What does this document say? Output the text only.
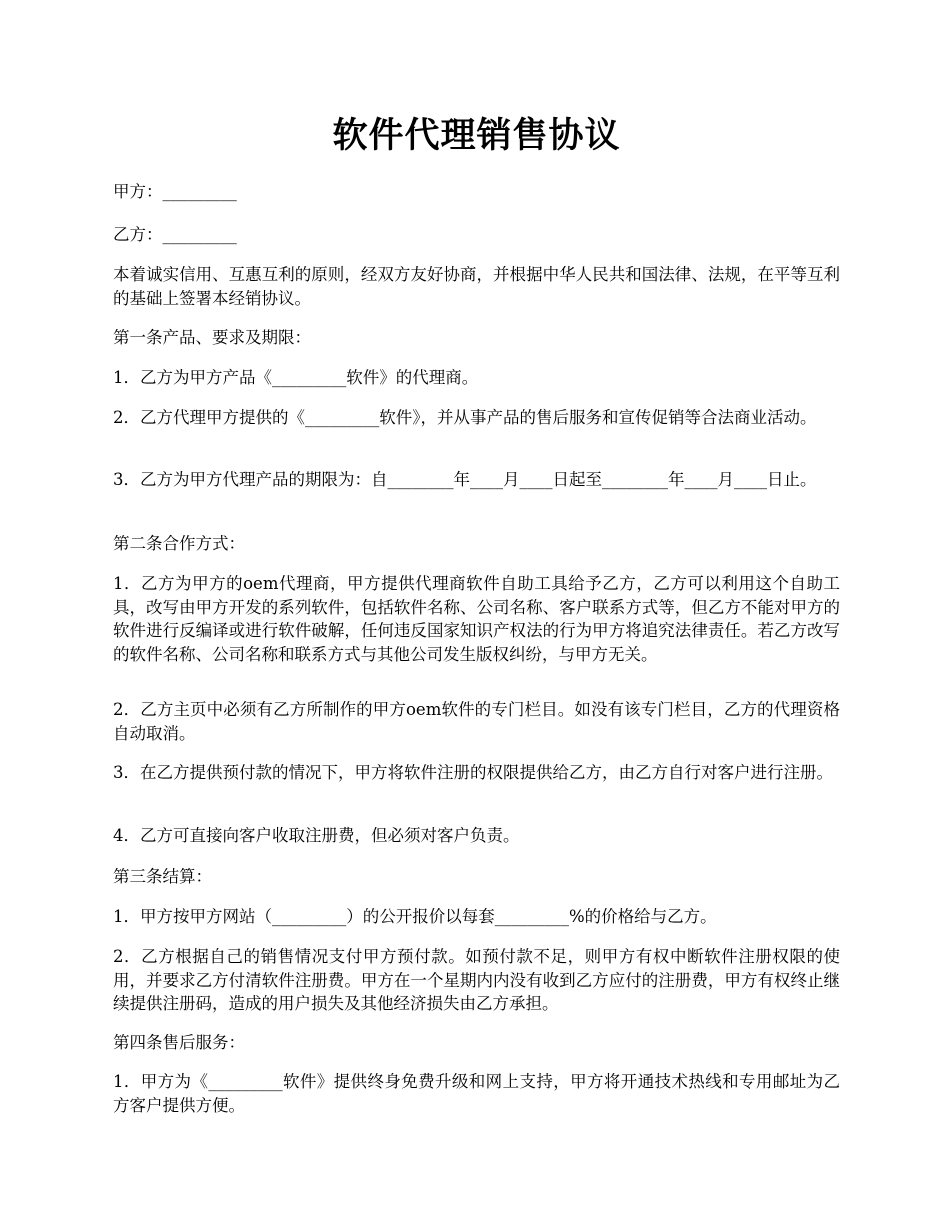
软件代理销售协议

甲方：_________

乙方：_________

本着诚实信用、互惠互利的原则，经双方友好协商，并根据中华人民共和国法律、法规，在平等互利的基础上签署本经销协议。

第一条产品、要求及期限：

1．乙方为甲方产品《_________软件》的代理商。

2．乙方代理甲方提供的《_________软件》，并从事产品的售后服务和宣传促销等合法商业活动。

3．乙方为甲方代理产品的期限为：自________年____月____日起至________年____月____日止。

第二条合作方式：

1．乙方为甲方的oem代理商，甲方提供代理商软件自助工具给予乙方，乙方可以利用这个自助工具，改写由甲方开发的系列软件，包括软件名称、公司名称、客户联系方式等，但乙方不能对甲方的软件进行反编译或进行软件破解，任何违反国家知识产权法的行为甲方将追究法律责任。若乙方改写的软件名称、公司名称和联系方式与其他公司发生版权纠纷，与甲方无关。

2．乙方主页中必须有乙方所制作的甲方oem软件的专门栏目。如没有该专门栏目，乙方的代理资格自动取消。

3．在乙方提供预付款的情况下，甲方将软件注册的权限提供给乙方，由乙方自行对客户进行注册。

4．乙方可直接向客户收取注册费，但必须对客户负责。

第三条结算：

1．甲方按甲方网站（_________）的公开报价以每套_________%的价格给与乙方。

2．乙方根据自己的销售情况支付甲方预付款。如预付款不足，则甲方有权中断软件注册权限的使用，并要求乙方付清软件注册费。甲方在一个星期内内没有收到乙方应付的注册费，甲方有权终止继续提供注册码，造成的用户损失及其他经济损失由乙方承担。

第四条售后服务：

1．甲方为《_________软件》提供终身免费升级和网上支持，甲方将开通技术热线和专用邮址为乙方客户提供方便。
